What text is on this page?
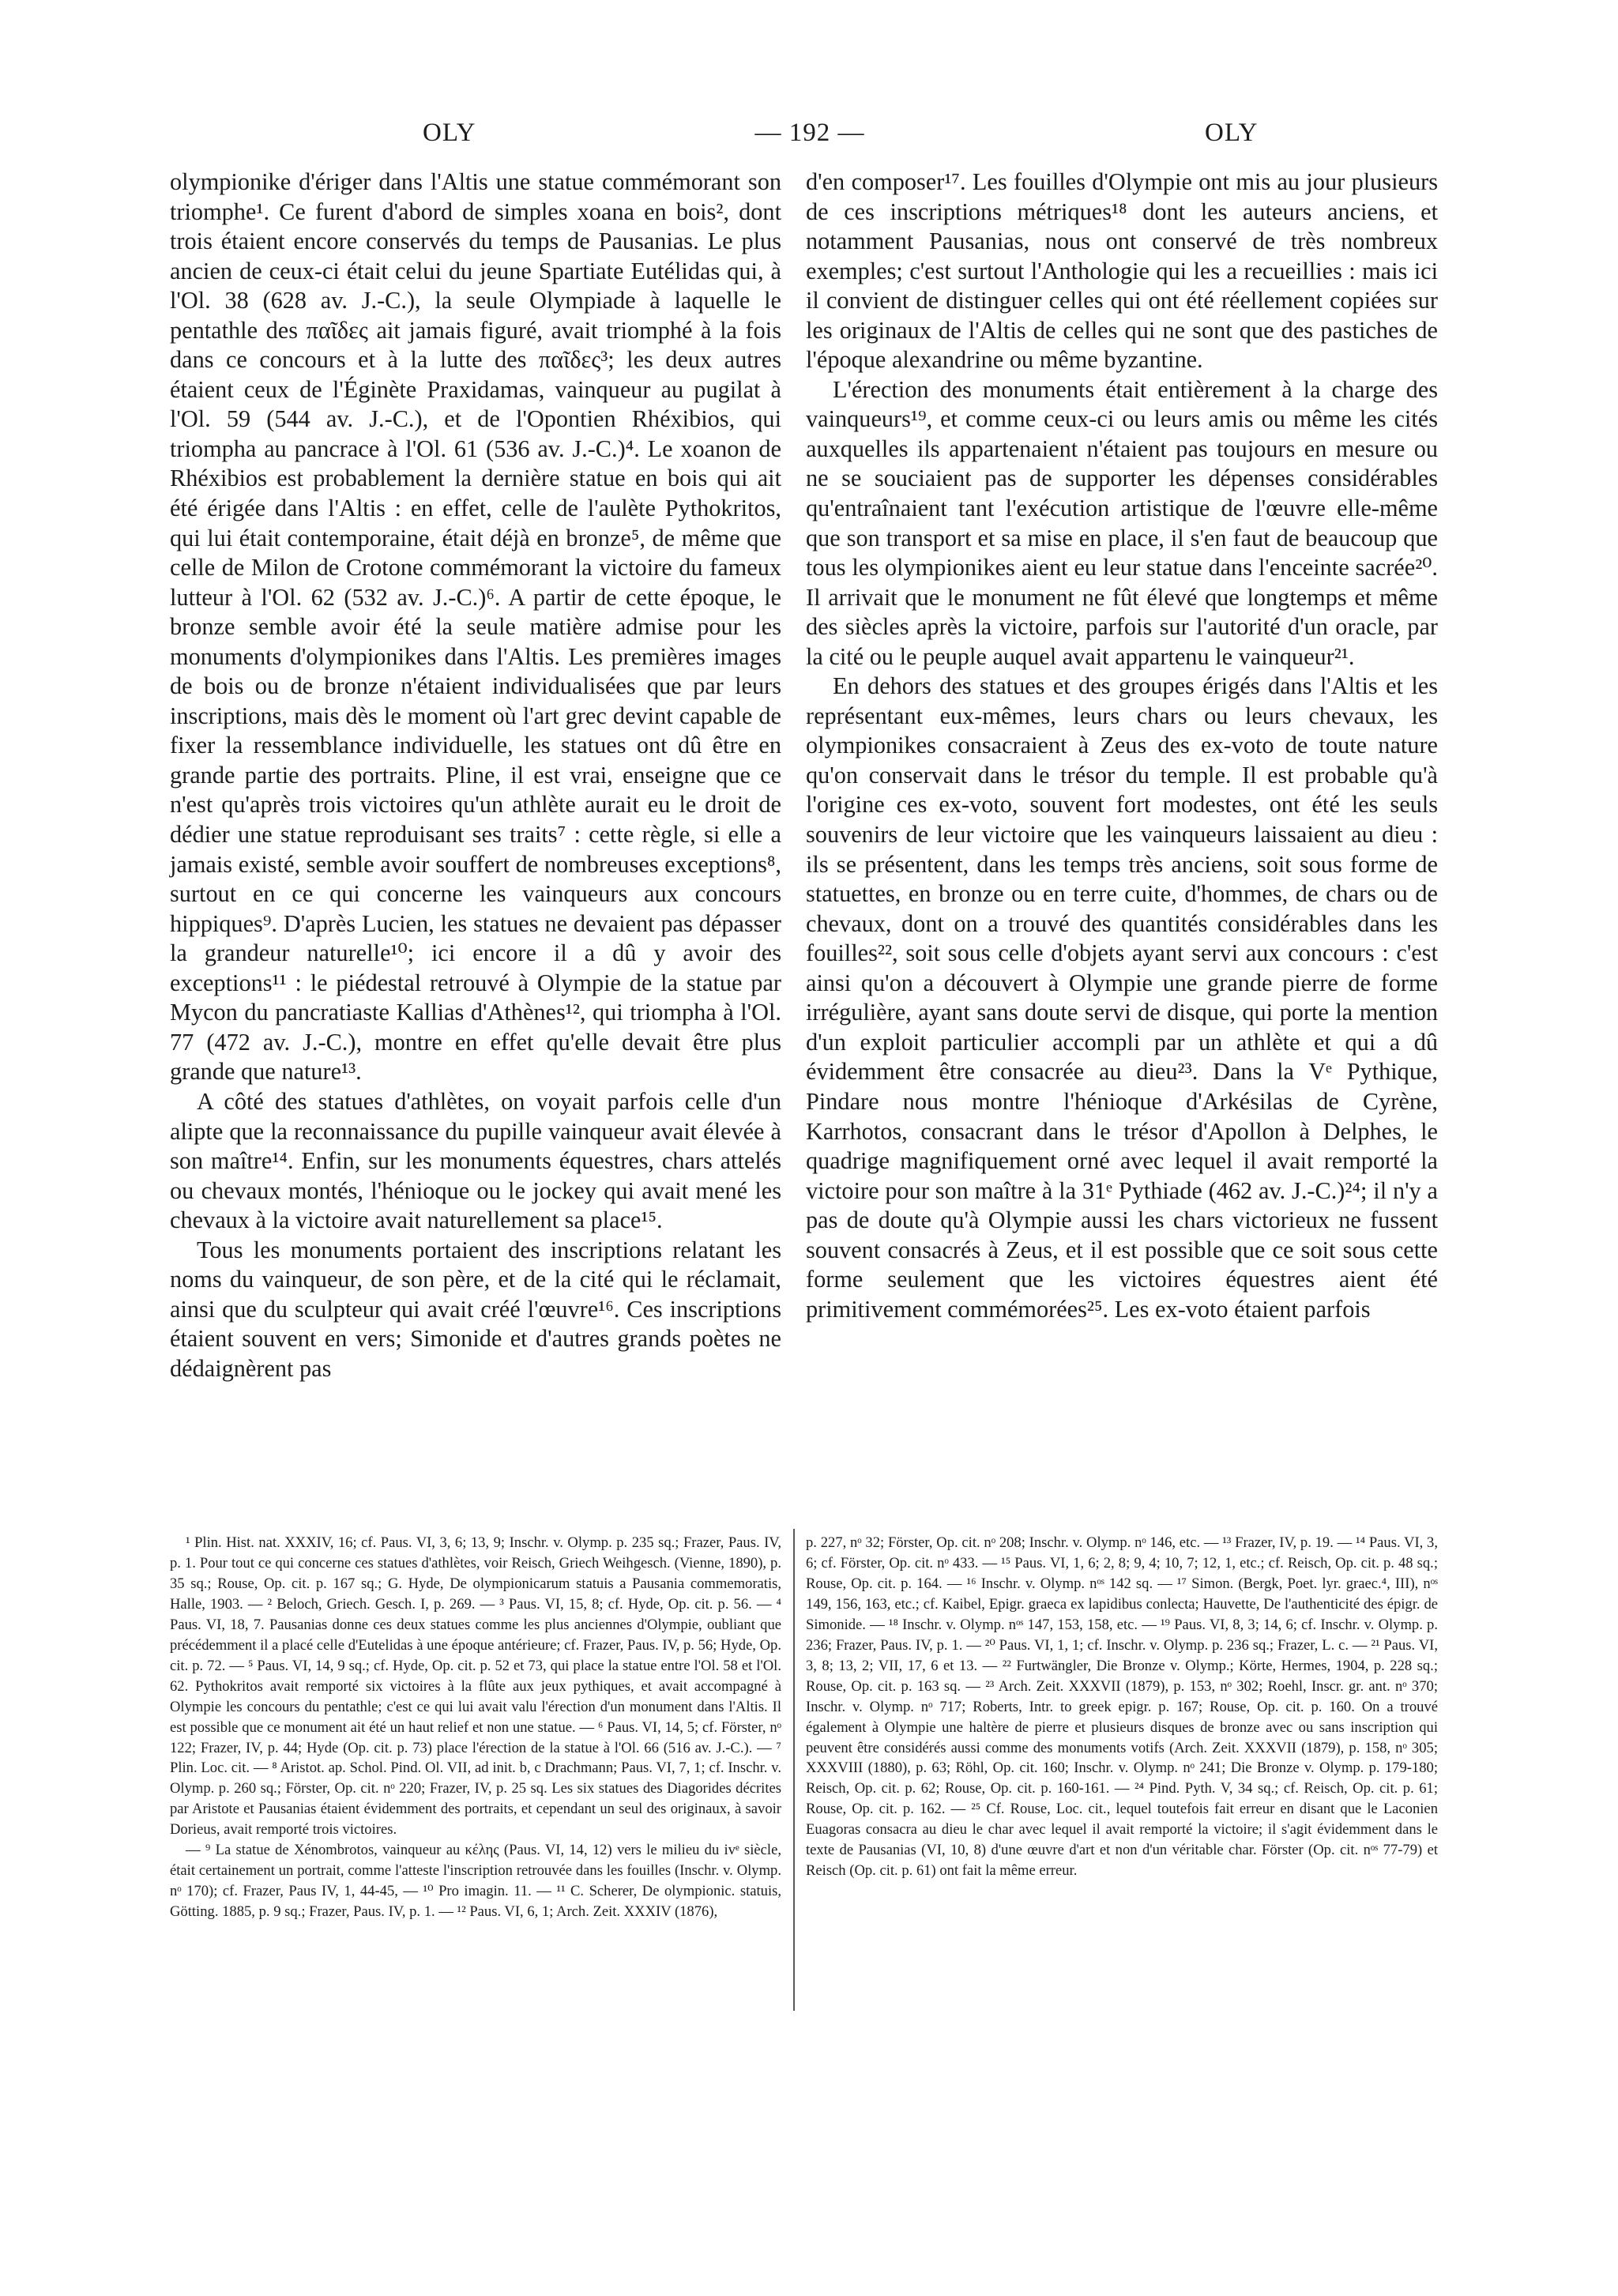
OLY	— 192 —	OLY

olympionike d'ériger dans l'Altis une statue commémorant son triomphe¹. Ce furent d'abord de simples xoana en bois², dont trois étaient encore conservés du temps de Pausanias. Le plus ancien de ceux-ci était celui du jeune Spartiate Eutélidas qui, à l'Ol. 38 (628 av. J.-C.), la seule Olympiade à laquelle le pentathle des παῖδες ait jamais figuré, avait triomphé à la fois dans ce concours et à la lutte des παῖδες³; les deux autres étaient ceux de l'Éginète Praxidamas, vainqueur au pugilat à l'Ol. 59 (544 av. J.-C.), et de l'Opontien Rhéxibios, qui triompha au pancrace à l'Ol. 61 (536 av. J.-C.)⁴. Le xoanon de Rhéxibios est probablement la dernière statue en bois qui ait été érigée dans l'Altis : en effet, celle de l'aulète Pythokritos, qui lui était contemporaine, était déjà en bronze⁵, de même que celle de Milon de Crotone commémorant la victoire du fameux lutteur à l'Ol. 62 (532 av. J.-C.)⁶. A partir de cette époque, le bronze semble avoir été la seule matière admise pour les monuments d'olympionikes dans l'Altis. Les premières images de bois ou de bronze n'étaient individualisées que par leurs inscriptions, mais dès le moment où l'art grec devint capable de fixer la ressemblance individuelle, les statues ont dû être en grande partie des portraits. Pline, il est vrai, enseigne que ce n'est qu'après trois victoires qu'un athlète aurait eu le droit de dédier une statue reproduisant ses traits⁷ : cette règle, si elle a jamais existé, semble avoir souffert de nombreuses exceptions⁸, surtout en ce qui concerne les vainqueurs aux concours hippiques⁹. D'après Lucien, les statues ne devaient pas dépasser la grandeur naturelle¹⁰; ici encore il a dû y avoir des exceptions¹¹ : le piédestal retrouvé à Olympie de la statue par Mycon du pancratiaste Kallias d'Athènes¹², qui triompha à l'Ol. 77 (472 av. J.-C.), montre en effet qu'elle devait être plus grande que nature¹³.

A côté des statues d'athlètes, on voyait parfois celle d'un alipte que la reconnaissance du pupille vainqueur avait élevée à son maître¹⁴. Enfin, sur les monuments équestres, chars attelés ou chevaux montés, l'hénioque ou le jockey qui avait mené les chevaux à la victoire avait naturellement sa place¹⁵.

Tous les monuments portaient des inscriptions relatant les noms du vainqueur, de son père, et de la cité qui le réclamait, ainsi que du sculpteur qui avait créé l'œuvre¹⁶. Ces inscriptions étaient souvent en vers; Simonide et d'autres grands poètes ne dédaignèrent pas

d'en composer¹⁷. Les fouilles d'Olympie ont mis au jour plusieurs de ces inscriptions métriques¹⁸ dont les auteurs anciens, et notamment Pausanias, nous ont conservé de très nombreux exemples; c'est surtout l'Anthologie qui les a recueillies : mais ici il convient de distinguer celles qui ont été réellement copiées sur les originaux de l'Altis de celles qui ne sont que des pastiches de l'époque alexandrine ou même byzantine.

L'érection des monuments était entièrement à la charge des vainqueurs¹⁹, et comme ceux-ci ou leurs amis ou même les cités auxquelles ils appartenaient n'étaient pas toujours en mesure ou ne se souciaient pas de supporter les dépenses considérables qu'entraînaient tant l'exécution artistique de l'œuvre elle-même que son transport et sa mise en place, il s'en faut de beaucoup que tous les olympionikes aient eu leur statue dans l'enceinte sacrée²⁰. Il arrivait que le monument ne fût élevé que longtemps et même des siècles après la victoire, parfois sur l'autorité d'un oracle, par la cité ou le peuple auquel avait appartenu le vainqueur²¹.

En dehors des statues et des groupes érigés dans l'Altis et les représentant eux-mêmes, leurs chars ou leurs chevaux, les olympionikes consacraient à Zeus des ex-voto de toute nature qu'on conservait dans le trésor du temple. Il est probable qu'à l'origine ces ex-voto, souvent fort modestes, ont été les seuls souvenirs de leur victoire que les vainqueurs laissaient au dieu : ils se présentent, dans les temps très anciens, soit sous forme de statuettes, en bronze ou en terre cuite, d'hommes, de chars ou de chevaux, dont on a trouvé des quantités considérables dans les fouilles²², soit sous celle d'objets ayant servi aux concours : c'est ainsi qu'on a découvert à Olympie une grande pierre de forme irrégulière, ayant sans doute servi de disque, qui porte la mention d'un exploit particulier accompli par un athlète et qui a dû évidemment être consacrée au dieu²³. Dans la Vᵉ Pythique, Pindare nous montre l'hénioque d'Arkésilas de Cyrène, Karrhotos, consacrant dans le trésor d'Apollon à Delphes, le quadrige magnifiquement orné avec lequel il avait remporté la victoire pour son maître à la 31ᵉ Pythiade (462 av. J.-C.)²⁴; il n'y a pas de doute qu'à Olympie aussi les chars victorieux ne fussent souvent consacrés à Zeus, et il est possible que ce soit sous cette forme seulement que les victoires équestres aient été primitivement commémorées²⁵. Les ex-voto étaient parfois

¹ Plin. Hist. nat. XXXIV, 16; cf. Paus. VI, 3, 6; 13, 9; Inschr. v. Olymp. p. 235 sq.; Frazer, Paus. IV, p. 1. Pour tout ce qui concerne ces statues d'athlètes, voir Reisch, Griech Weihgesch. (Vienne, 1890), p. 35 sq.; Rouse, Op. cit. p. 167 sq.; G. Hyde, De olympionicarum statuis a Pausania commemoratis, Halle, 1903. — ² Beloch, Griech. Gesch. I, p. 269. — ³ Paus. VI, 15, 8; cf. Hyde, Op. cit. p. 56. — ⁴ Paus. VI, 18, 7. Pausanias donne ces deux statues comme les plus anciennes d'Olympie, oubliant que précédemment il a placé celle d'Eutelidas à une époque antérieure; cf. Frazer, Paus. IV, p. 56; Hyde, Op. cit. p. 72. — ⁵ Paus. VI, 14, 9 sq.; cf. Hyde, Op. cit. p. 52 et 73, qui place la statue entre l'Ol. 58 et l'Ol. 62. Pythokritos avait remporté six victoires à la flûte aux jeux pythiques, et avait accompagné à Olympie les concours du pentathle; c'est ce qui lui avait valu l'érection d'un monument dans l'Altis. Il est possible que ce monument ait été un haut relief et non une statue. — ⁶ Paus. VI, 14, 5; cf. Förster, nᵒ 122; Frazer, IV, p. 44; Hyde (Op. cit. p. 73) place l'érection de la statue à l'Ol. 66 (516 av. J.-C.). — ⁷ Plin. Loc. cit. — ⁸ Aristot. ap. Schol. Pind. Ol. VII, ad init. b, c Drachmann; Paus. VI, 7, 1; cf. Inschr. v. Olymp. p. 260 sq.; Förster, Op. cit. nᵒ 220; Frazer, IV, p. 25 sq. Les six statues des Diagorides décrites par Aristote et Pausanias étaient évidemment des portraits, et cependant un seul des originaux, à savoir Dorieus, avait remporté trois victoires.

— ⁹ La statue de Xénombrotos, vainqueur au κέλης (Paus. VI, 14, 12) vers le milieu du ivᵉ siècle, était certainement un portrait, comme l'atteste l'inscription retrouvée dans les fouilles (Inschr. v. Olymp. nᵒ 170); cf. Frazer, Paus IV, 1, 44-45, — ¹⁰ Pro imagin. 11. — ¹¹ C. Scherer, De olympionic. statuis, Götting. 1885, p. 9 sq.; Frazer, Paus. IV, p. 1. — ¹² Paus. VI, 6, 1; Arch. Zeit. XXXIV (1876),

p. 227, nᵒ 32; Förster, Op. cit. nᵒ 208; Inschr. v. Olymp. nᵒ 146, etc. — ¹³ Frazer, IV, p. 19. — ¹⁴ Paus. VI, 3, 6; cf. Förster, Op. cit. nᵒ 433. — ¹⁵ Paus. VI, 1, 6; 2, 8; 9, 4; 10, 7; 12, 1, etc.; cf. Reisch, Op. cit. p. 48 sq.; Rouse, Op. cit. p. 164. — ¹⁶ Inschr. v. Olymp. nᵒˢ 142 sq. — ¹⁷ Simon. (Bergk, Poet. lyr. graec.⁴, III), nᵒˢ 149, 156, 163, etc.; cf. Kaibel, Epigr. graeca ex lapidibus conlecta; Hauvette, De l'authenticité des épigr. de Simonide. — ¹⁸ Inschr. v. Olymp. nᵒˢ 147, 153, 158, etc. — ¹⁹ Paus. VI, 8, 3; 14, 6; cf. Inschr. v. Olymp. p. 236; Frazer, Paus. IV, p. 1. — ²⁰ Paus. VI, 1, 1; cf. Inschr. v. Olymp. p. 236 sq.; Frazer, L. c. — ²¹ Paus. VI, 3, 8; 13, 2; VII, 17, 6 et 13. — ²² Furtwängler, Die Bronze v. Olymp.; Körte, Hermes, 1904, p. 228 sq.; Rouse, Op. cit. p. 163 sq. — ²³ Arch. Zeit. XXXVII (1879), p. 153, nᵒ 302; Roehl, Inscr. gr. ant. nᵒ 370; Inschr. v. Olymp. nᵒ 717; Roberts, Intr. to greek epigr. p. 167; Rouse, Op. cit. p. 160. On a trouvé également à Olympie une haltère de pierre et plusieurs disques de bronze avec ou sans inscription qui peuvent être considérés aussi comme des monuments votifs (Arch. Zeit. XXXVII (1879), p. 158, nᵒ 305; XXXVIII (1880), p. 63; Röhl, Op. cit. 160; Inschr. v. Olymp. nᵒ 241; Die Bronze v. Olymp. p. 179-180; Reisch, Op. cit. p. 62; Rouse, Op. cit. p. 160-161. — ²⁴ Pind. Pyth. V, 34 sq.; cf. Reisch, Op. cit. p. 61; Rouse, Op. cit. p. 162. — ²⁵ Cf. Rouse, Loc. cit., lequel toutefois fait erreur en disant que le Laconien Euagoras consacra au dieu le char avec lequel il avait remporté la victoire; il s'agit évidemment dans le texte de Pausanias (VI, 10, 8) d'une œuvre d'art et non d'un véritable char. Förster (Op. cit. nᵒˢ 77-79) et Reisch (Op. cit. p. 61) ont fait la même erreur.
